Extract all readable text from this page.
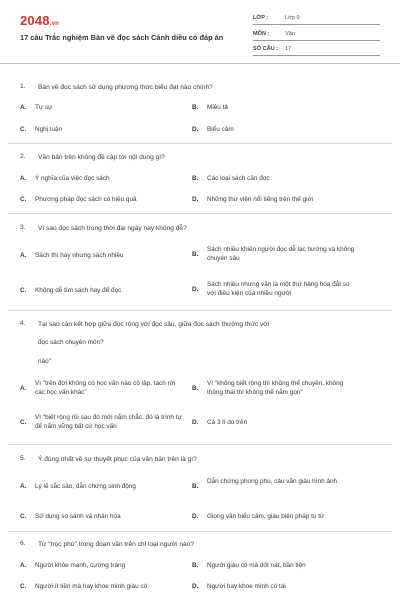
2048.vn
17 câu Trắc nghiệm Bàn về đọc sách Cánh diều có đáp án
LỚP :	Lớp 9
MÔN :	Văn
SỐ CÂU : 17
1. Bàn về đọc sách sử dụng phương thức biểu đạt nào chính?
A. Tự sự	B. Miêu tả
C. Nghị luận	D. Biểu cảm
2. Văn bản trên không đề cập tới nội dung gì?
A. Ý nghĩa của việc đọc sách	B. Các loại sách cần đọc
C. Phương pháp đọc sách có hiệu quả	D. Những thư viện nổi tiếng trên thế giới
3. Vì sao đọc sách trong thời đại ngày nay không dễ?
A. Sách thì hay nhưng sách nhiều	B.
Sách nhiều khiến người đọc dễ lạc hướng và không chuyên sâu
C. Không dễ tìm sách hay để đọc	D.
Sách nhiều nhưng văn là một thứ hàng hóa đắt so với điều kiện của nhiều người
4. Tại sao cần kết hợp giữa đọc rộng với đọc sâu, giữa đọc sách thường thức với
đọc sách chuyên môn?
nào"
A.
Vì "trên đời không có học vấn nào cô lập, tách rời các học vấn khác"
B.
Vì "không biết rộng thì không thể chuyên, không thông thái thì không thể nắm gọn"
C.
Vì "biết rộng rồi sau đó mới nắm chắc, đó là trình tự để nắm vững bất cứ học vấn
D. Cả 3 lí do trên
5. Ý đúng nhất về sự thuyết phục của văn bản trên là gì?
A. Lý lẽ sắc sảo, dẫn chứng sinh động	B.
Dẫn chứng phong phú, câu văn giàu hình ảnh
C. Sử dụng so sánh và nhân hóa	D. Giọng văn biểu cảm, giàu biện pháp tu từ
6. Từ "trọc phú" trong đoạn văn trên chỉ loại người nào?
A. Người khỏe mạnh, cường tráng	B. Người giàu có mà dốt nát, bần tiện
C. Người ít tiền mà hay khoe mình giàu có	D. Người hay khoe mình có tài
